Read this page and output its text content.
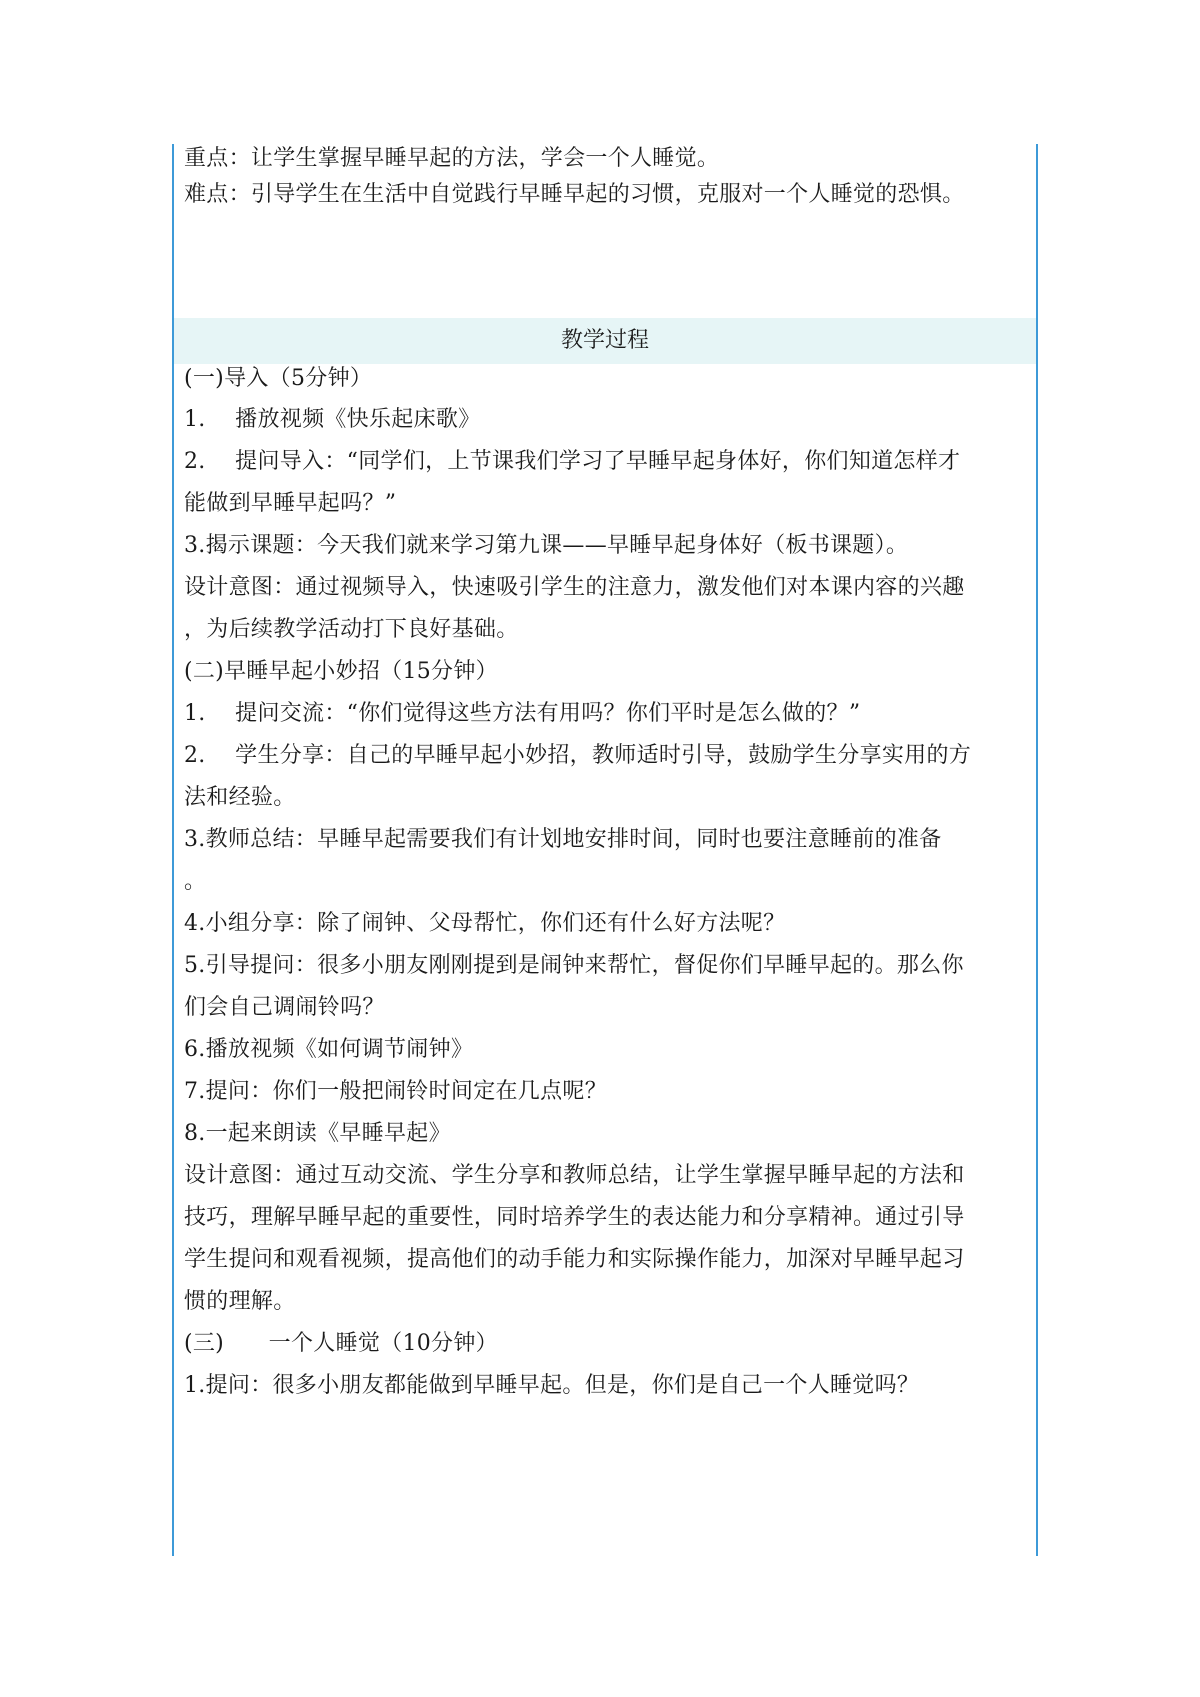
重点：让学生掌握早睡早起的方法，学会一个人睡觉。
难点：引导学生在生活中自觉践行早睡早起的习惯，克服对一个人睡觉的恐惧。
教学过程
(一)导入（5分钟）
1.　 播放视频《快乐起床歌》
2.　 提问导入：“同学们，上节课我们学习了早睡早起身体好，你们知道怎样才
能做到早睡早起吗？”
3.揭示课题：今天我们就来学习第九课——早睡早起身体好（板书课题）。
设计意图：通过视频导入，快速吸引学生的注意力，激发他们对本课内容的兴趣
，为后续教学活动打下良好基础。
(二)早睡早起小妙招（15分钟）
1.　 提问交流：“你们觉得这些方法有用吗？你们平时是怎么做的？”
2.　 学生分享：自己的早睡早起小妙招，教师适时引导，鼓励学生分享实用的方
法和经验。
3.教师总结：早睡早起需要我们有计划地安排时间，同时也要注意睡前的准备
。
4.小组分享：除了闹钟、父母帮忙，你们还有什么好方法呢？
5.引导提问：很多小朋友刚刚提到是闹钟来帮忙，督促你们早睡早起的。那么你
们会自己调闹铃吗？
6.播放视频《如何调节闹钟》
7.提问：你们一般把闹铃时间定在几点呢？
8.一起来朗读《早睡早起》
设计意图：通过互动交流、学生分享和教师总结，让学生掌握早睡早起的方法和
技巧，理解早睡早起的重要性，同时培养学生的表达能力和分享精神。通过引导
学生提问和观看视频，提高他们的动手能力和实际操作能力，加深对早睡早起习
惯的理解。
(三)　　一个人睡觉（10分钟）
1.提问：很多小朋友都能做到早睡早起。但是，你们是自己一个人睡觉吗？
